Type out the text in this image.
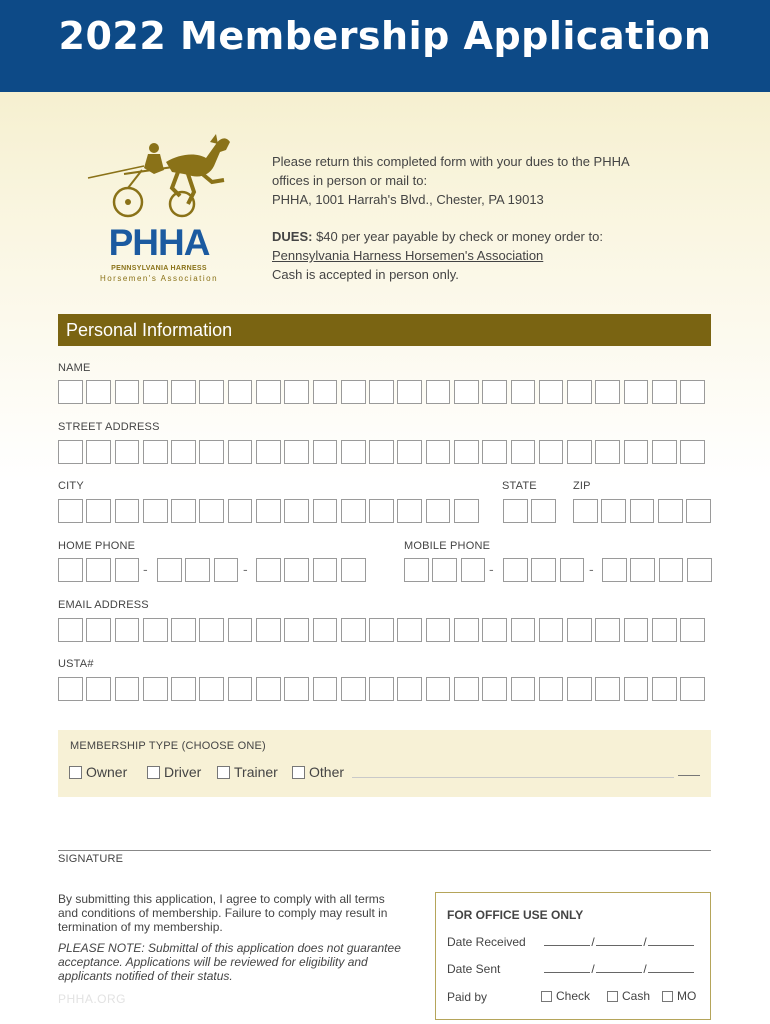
2022 Membership Application
PHHA
PENNSYLVANIA HARNESS
Horsemen's Association
Please return this completed form with your dues to the PHHA
offices in person or mail to:
PHHA, 1001 Harrah's Blvd., Chester, PA 19013
DUES: $40 per year payable by check or money order to:
Pennsylvania Harness Horsemen's Association
Cash is accepted in person only.
Personal Information
NAME
STREET ADDRESS
CITY	STATE	ZIP
HOME PHONE	MOBILE PHONE
EMAIL ADDRESS
USTA#
-	-	-	-
MEMBERSHIP TYPE (CHOOSE ONE)
Owner	Driver	Trainer	Other
SIGNATURE
By submitting this application, I agree to comply with all terms
and conditions of membership. Failure to comply may result in
termination of my membership.
PLEASE NOTE: Submittal of this application does not guarantee
acceptance. Applications will be reviewed for eligibility and
applicants notified of their status.
PHHA.ORG
FOR OFFICE USE ONLY
Date Received	/	/
Date Sent	/	/
Paid by	Check	Cash	MO
